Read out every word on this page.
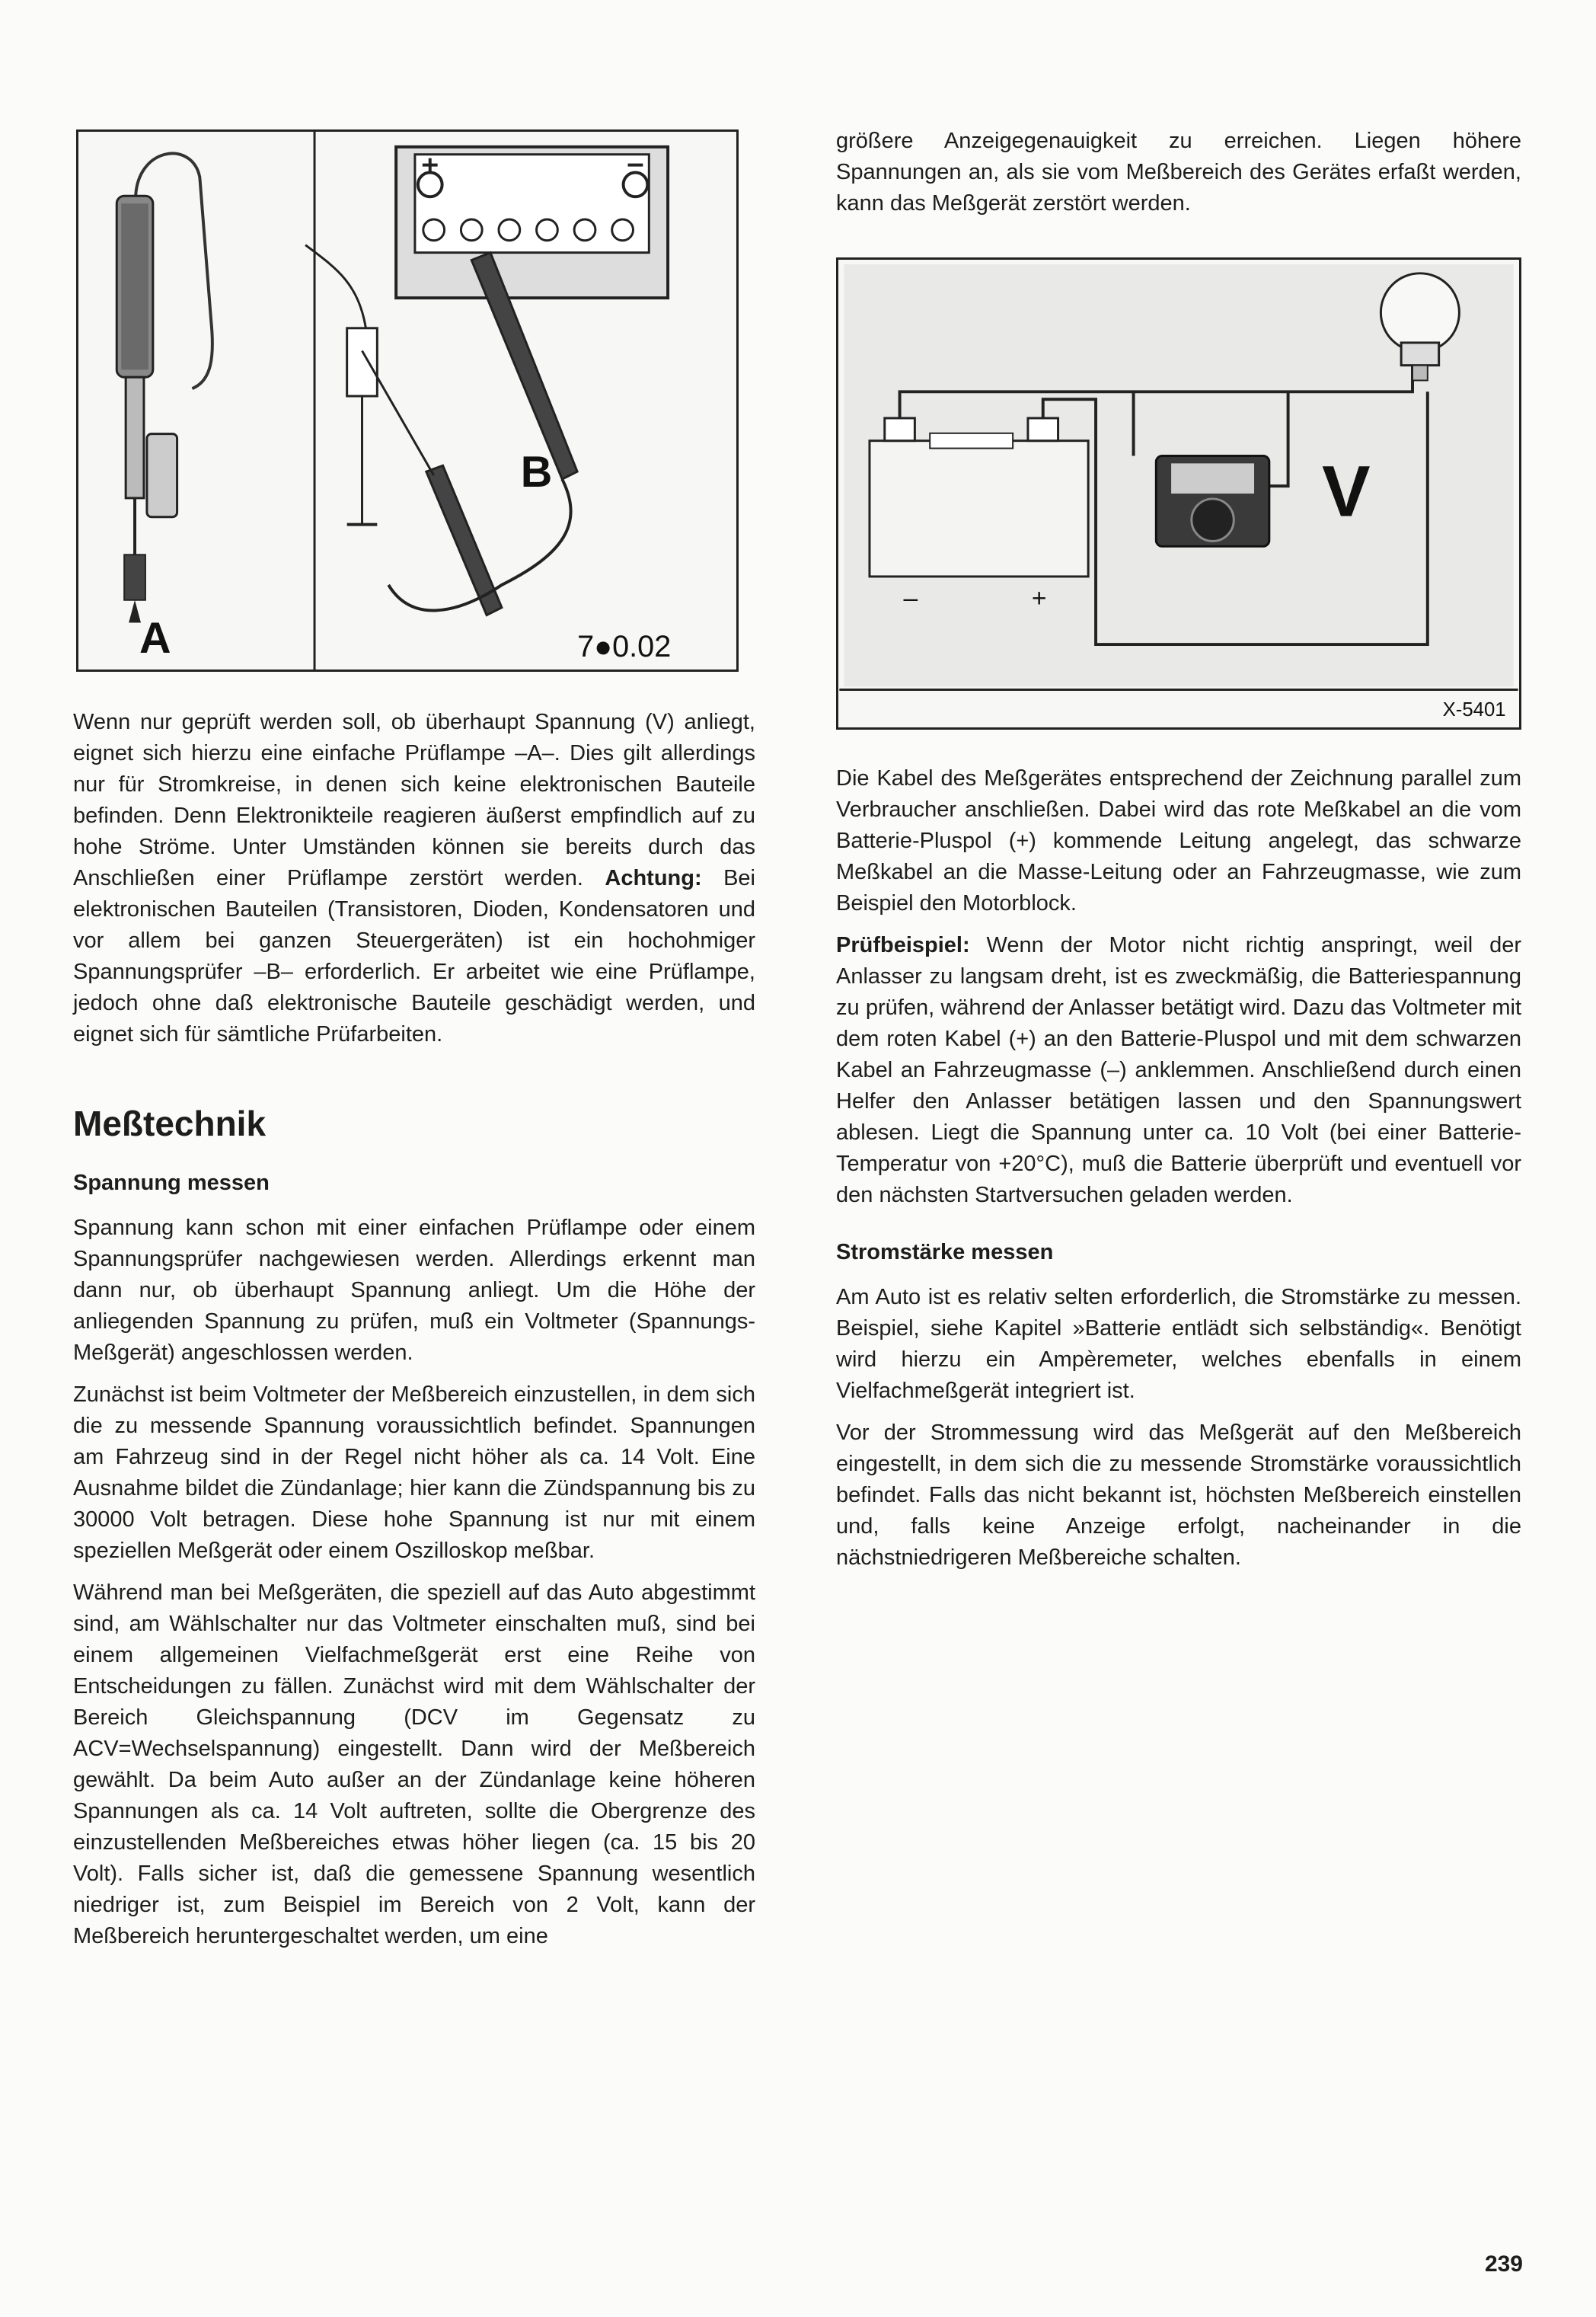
A
B
7●0.02
–	+
V
X-5401
größere Anzeigegenauigkeit zu erreichen. Liegen höhere Spannungen an, als sie vom Meßbereich des Gerätes erfaßt werden, kann das Meßgerät zerstört werden.

Wenn nur geprüft werden soll, ob überhaupt Spannung (V) anliegt, eignet sich hierzu eine einfache Prüflampe –A–. Dies gilt allerdings nur für Stromkreise, in denen sich keine elektronischen Bauteile befinden. Denn Elektronikteile reagieren äußerst empfindlich auf zu hohe Ströme. Unter Umständen können sie bereits durch das Anschließen einer Prüflampe zerstört werden. Achtung: Bei elektronischen Bauteilen (Transistoren, Dioden, Kondensatoren und vor allem bei ganzen Steuergeräten) ist ein hochohmiger Spannungsprüfer –B– erforderlich. Er arbeitet wie eine Prüflampe, jedoch ohne daß elektronische Bauteile geschädigt werden, und eignet sich für sämtliche Prüfarbeiten.

Meßtechnik
Spannung messen

Spannung kann schon mit einer einfachen Prüflampe oder einem Spannungsprüfer nachgewiesen werden. Allerdings erkennt man dann nur, ob überhaupt Spannung anliegt. Um die Höhe der anliegenden Spannung zu prüfen, muß ein Voltmeter (Spannungs-Meßgerät) angeschlossen werden.

Zunächst ist beim Voltmeter der Meßbereich einzustellen, in dem sich die zu messende Spannung voraussichtlich befindet. Spannungen am Fahrzeug sind in der Regel nicht höher als ca. 14 Volt. Eine Ausnahme bildet die Zündanlage; hier kann die Zündspannung bis zu 30000 Volt betragen. Diese hohe Spannung ist nur mit einem speziellen Meßgerät oder einem Oszilloskop meßbar.

Während man bei Meßgeräten, die speziell auf das Auto abgestimmt sind, am Wählschalter nur das Voltmeter einschalten muß, sind bei einem allgemeinen Vielfachmeßgerät erst eine Reihe von Entscheidungen zu fällen. Zunächst wird mit dem Wählschalter der Bereich Gleichspannung (DCV im Gegensatz zu ACV=Wechselspannung) eingestellt. Dann wird der Meßbereich gewählt. Da beim Auto außer an der Zündanlage keine höheren Spannungen als ca. 14 Volt auftreten, sollte die Obergrenze des einzustellenden Meßbereiches etwas höher liegen (ca. 15 bis 20 Volt). Falls sicher ist, daß die gemessene Spannung wesentlich niedriger ist, zum Beispiel im Bereich von 2 Volt, kann der Meßbereich heruntergeschaltet werden, um eine

Die Kabel des Meßgerätes entsprechend der Zeichnung parallel zum Verbraucher anschließen. Dabei wird das rote Meßkabel an die vom Batterie-Pluspol (+) kommende Leitung angelegt, das schwarze Meßkabel an die Masse-Leitung oder an Fahrzeugmasse, wie zum Beispiel den Motorblock.

Prüfbeispiel: Wenn der Motor nicht richtig anspringt, weil der Anlasser zu langsam dreht, ist es zweckmäßig, die Batteriespannung zu prüfen, während der Anlasser betätigt wird. Dazu das Voltmeter mit dem roten Kabel (+) an den Batterie-Pluspol und mit dem schwarzen Kabel an Fahrzeugmasse (–) anklemmen. Anschließend durch einen Helfer den Anlasser betätigen lassen und den Spannungswert ablesen. Liegt die Spannung unter ca. 10 Volt (bei einer Batterie-Temperatur von +20°C), muß die Batterie überprüft und eventuell vor den nächsten Startversuchen geladen werden.

Stromstärke messen

Am Auto ist es relativ selten erforderlich, die Stromstärke zu messen. Beispiel, siehe Kapitel »Batterie entlädt sich selbständig«. Benötigt wird hierzu ein Ampèremeter, welches ebenfalls in einem Vielfachmeßgerät integriert ist.

Vor der Strommessung wird das Meßgerät auf den Meßbereich eingestellt, in dem sich die zu messende Stromstärke voraussichtlich befindet. Falls das nicht bekannt ist, höchsten Meßbereich einstellen und, falls keine Anzeige erfolgt, nacheinander in die nächstniedrigeren Meßbereiche schalten.

239
